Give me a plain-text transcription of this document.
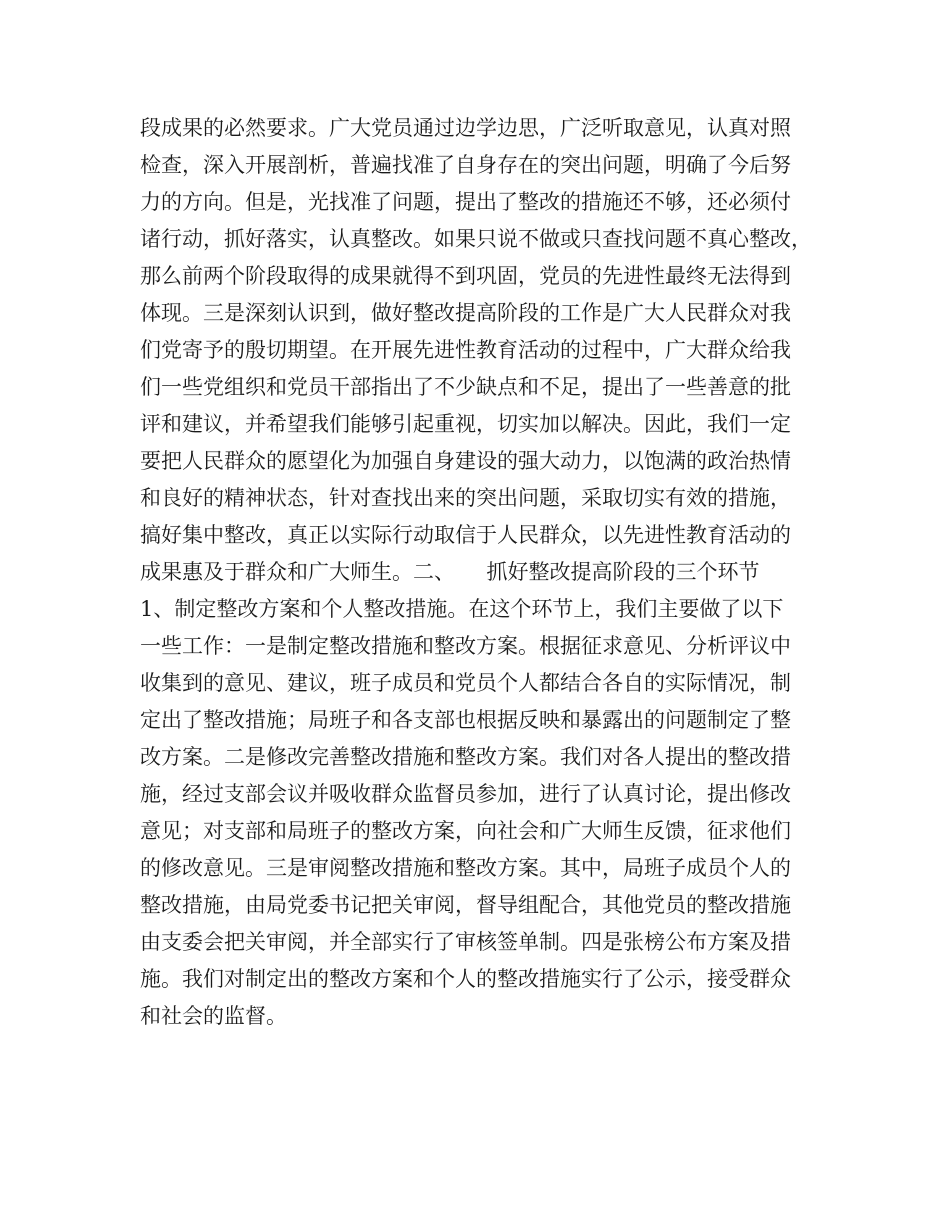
段成果的必然要求。广大党员通过边学边思，广泛听取意见，认真对照
检查，深入开展剖析，普遍找准了自身存在的突出问题，明确了今后努
力的方向。但是，光找准了问题，提出了整改的措施还不够，还必须付
诸行动，抓好落实，认真整改。如果只说不做或只查找问题不真心整改，
那么前两个阶段取得的成果就得不到巩固，党员的先进性最终无法得到
体现。三是深刻认识到，做好整改提高阶段的工作是广大人民群众对我
们党寄予的殷切期望。在开展先进性教育活动的过程中，广大群众给我
们一些党组织和党员干部指出了不少缺点和不足，提出了一些善意的批
评和建议，并希望我们能够引起重视，切实加以解决。因此，我们一定
要把人民群众的愿望化为加强自身建设的强大动力，以饱满的政治热情
和良好的精神状态，针对查找出来的突出问题，采取切实有效的措施，
搞好集中整改，真正以实际行动取信于人民群众，以先进性教育活动的
成果惠及于群众和广大师生。二、　　抓好整改提高阶段的三个环节
1、制定整改方案和个人整改措施。在这个环节上，我们主要做了以下
一些工作：一是制定整改措施和整改方案。根据征求意见、分析评议中
收集到的意见、建议，班子成员和党员个人都结合各自的实际情况，制
定出了整改措施；局班子和各支部也根据反映和暴露出的问题制定了整
改方案。二是修改完善整改措施和整改方案。我们对各人提出的整改措
施，经过支部会议并吸收群众监督员参加，进行了认真讨论，提出修改
意见；对支部和局班子的整改方案，向社会和广大师生反馈，征求他们
的修改意见。三是审阅整改措施和整改方案。其中，局班子成员个人的
整改措施，由局党委书记把关审阅，督导组配合，其他党员的整改措施
由支委会把关审阅，并全部实行了审核签单制。四是张榜公布方案及措
施。我们对制定出的整改方案和个人的整改措施实行了公示，接受群众
和社会的监督。
